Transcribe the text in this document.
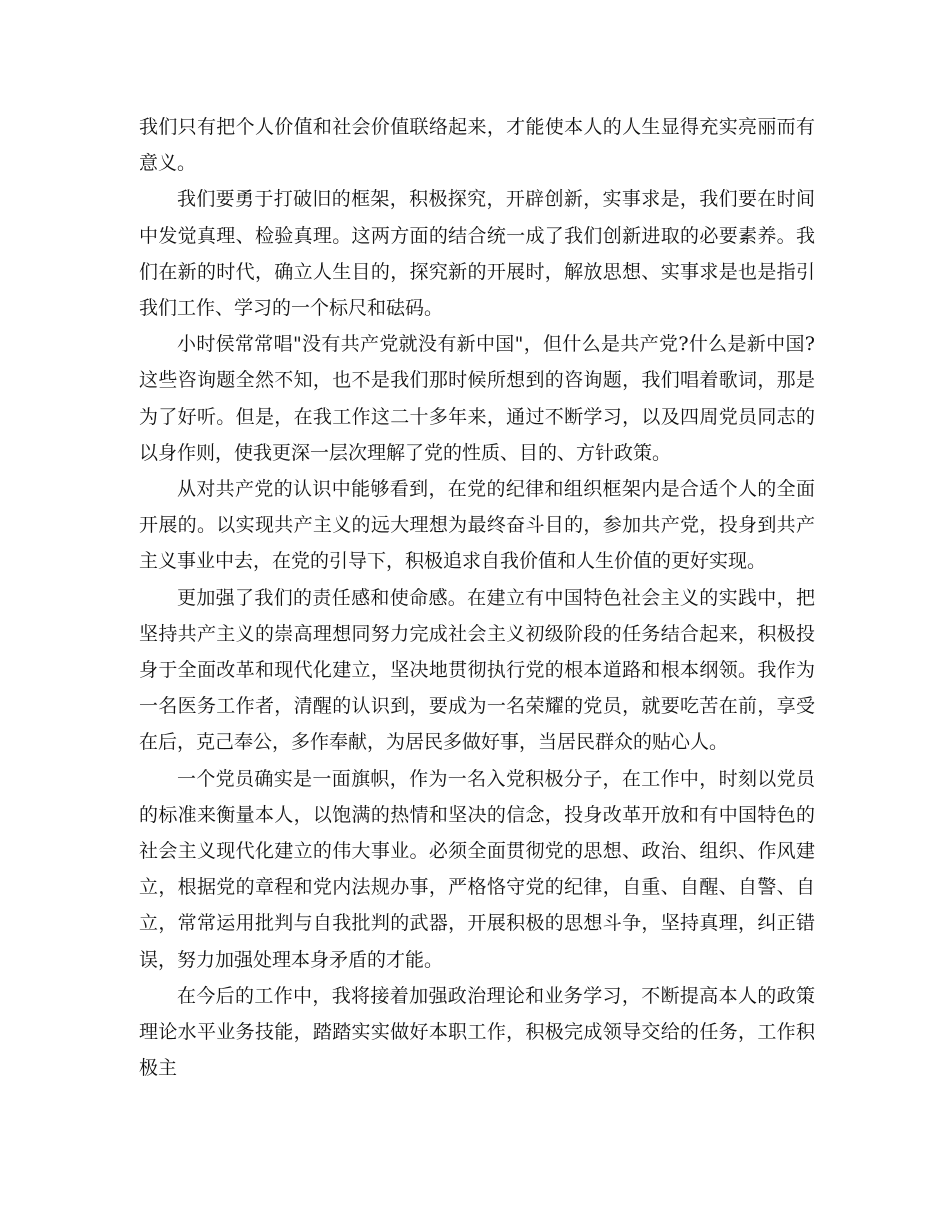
我们只有把个人价值和社会价值联络起来，才能使本人的人生显得充实亮丽而有意义。

我们要勇于打破旧的框架，积极探究，开辟创新，实事求是，我们要在时间中发觉真理、检验真理。这两方面的结合统一成了我们创新进取的必要素养。我们在新的时代，确立人生目的，探究新的开展时，解放思想、实事求是也是指引我们工作、学习的一个标尺和砝码。

小时侯常常唱"没有共产党就没有新中国"，但什么是共产党?什么是新中国?这些咨询题全然不知，也不是我们那时候所想到的咨询题，我们唱着歌词，那是为了好听。但是，在我工作这二十多年来，通过不断学习，以及四周党员同志的以身作则，使我更深一层次理解了党的性质、目的、方针政策。

从对共产党的认识中能够看到，在党的纪律和组织框架内是合适个人的全面开展的。以实现共产主义的远大理想为最终奋斗目的，参加共产党，投身到共产主义事业中去，在党的引导下，积极追求自我价值和人生价值的更好实现。

更加强了我们的责任感和使命感。在建立有中国特色社会主义的实践中，把坚持共产主义的崇高理想同努力完成社会主义初级阶段的任务结合起来，积极投身于全面改革和现代化建立，坚决地贯彻执行党的根本道路和根本纲领。我作为一名医务工作者，清醒的认识到，要成为一名荣耀的党员，就要吃苦在前，享受在后，克己奉公，多作奉献，为居民多做好事，当居民群众的贴心人。

一个党员确实是一面旗帜，作为一名入党积极分子，在工作中，时刻以党员的标准来衡量本人，以饱满的热情和坚决的信念，投身改革开放和有中国特色的社会主义现代化建立的伟大事业。必须全面贯彻党的思想、政治、组织、作风建立，根据党的章程和党内法规办事，严格恪守党的纪律，自重、自醒、自警、自立，常常运用批判与自我批判的武器，开展积极的思想斗争，坚持真理，纠正错误，努力加强处理本身矛盾的才能。

在今后的工作中，我将接着加强政治理论和业务学习，不断提高本人的政策理论水平业务技能，踏踏实实做好本职工作，积极完成领导交给的任务，工作积极主
